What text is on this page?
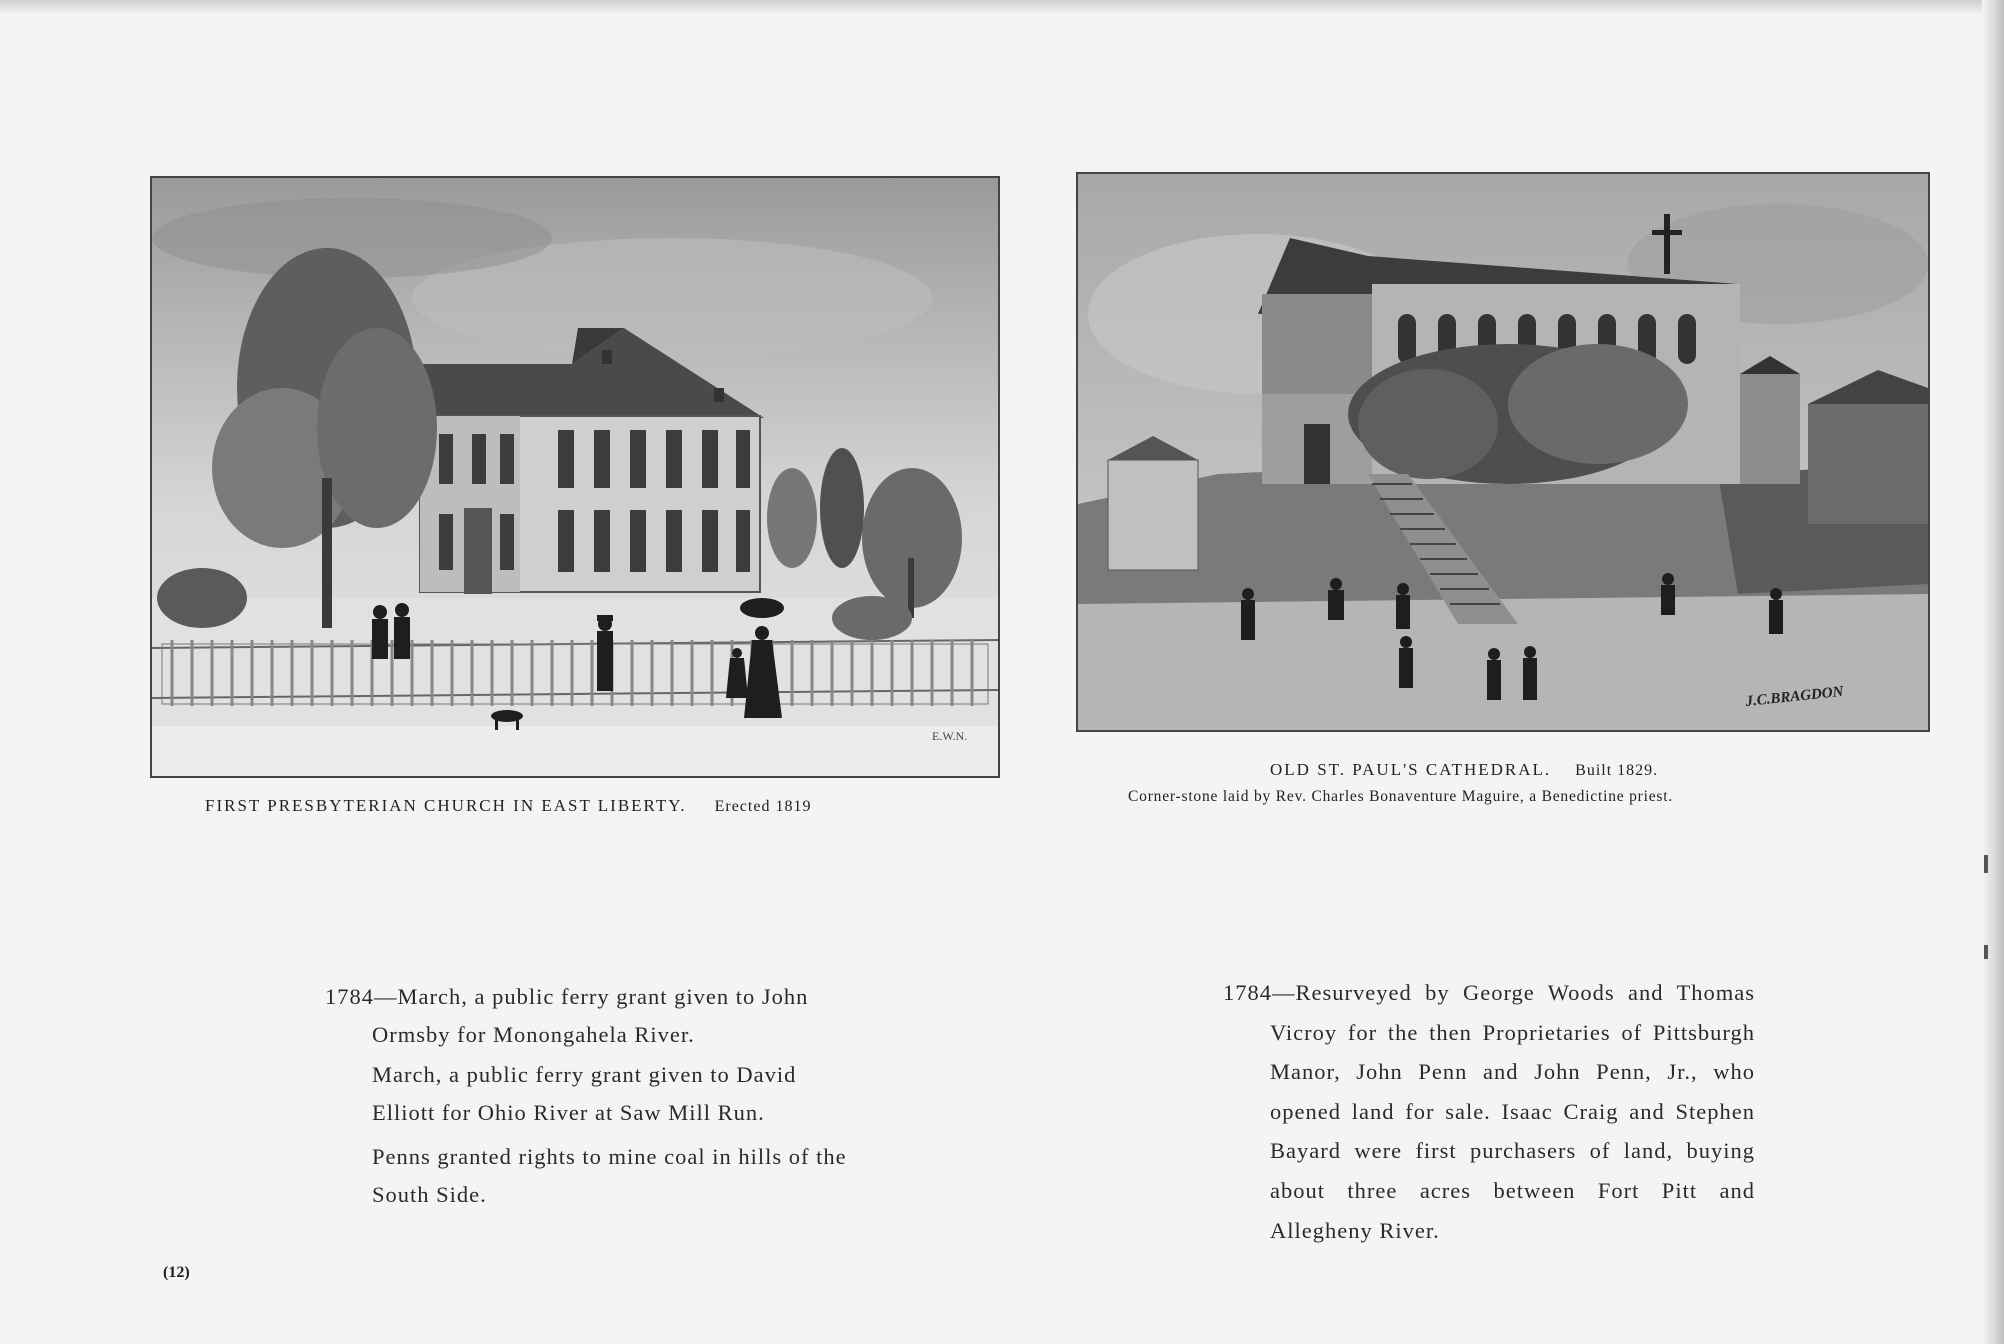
E.W.N.
FIRST PRESBYTERIAN CHURCH IN EAST LIBERTY. Erected 1819
J.C.BRAGDON
OLD ST. PAUL'S CATHEDRAL. Built 1829.
Corner-stone laid by Rev. Charles Bonaventure Maguire, a Benedictine priest.

1784—March, a public ferry grant given to John Ormsby for Monongahela River.

March, a public ferry grant given to David Elliott for Ohio River at Saw Mill Run.

Penns granted rights to mine coal in hills of the South Side.

1784—Resurveyed by George Woods and Thomas Vicroy for the then Proprietaries of Pittsburgh Manor, John Penn and John Penn, Jr., who opened land for sale. Isaac Craig and Stephen Bayard were first purchasers of land, buying about three acres between Fort Pitt and Allegheny River.

(12)
